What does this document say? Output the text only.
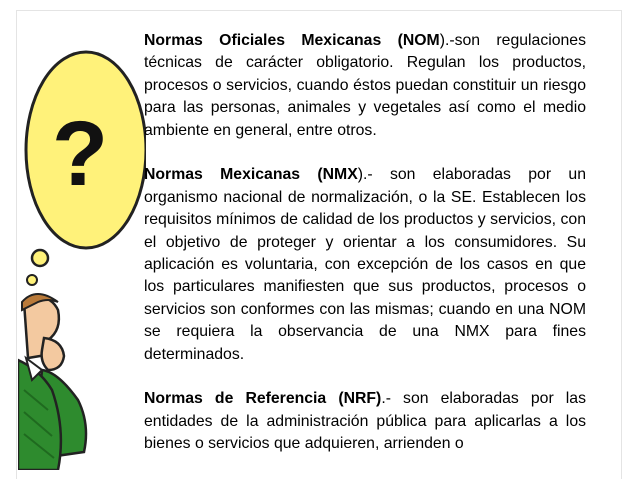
?

Normas Oficiales Mexicanas (NOM).-son regulaciones técnicas de carácter obligatorio. Regulan los productos, procesos o servicios, cuando éstos puedan constituir un riesgo para las personas, animales y vegetales así como el medio ambiente en general, entre otros.

Normas Mexicanas (NMX).- son elaboradas por un organismo nacional de normalización, o la SE. Establecen los requisitos mínimos de calidad de los productos y servicios, con el objetivo de proteger y orientar a los consumidores. Su aplicación es voluntaria, con excepción de los casos en que los particulares manifiesten que sus productos, procesos o servicios son conformes con las mismas; cuando en una NOM se requiera la observancia de una NMX para fines determinados.

Normas de Referencia (NRF).- son elaboradas por las entidades de la administración pública para aplicarlas a los bienes o servicios que adquieren, arrienden o
